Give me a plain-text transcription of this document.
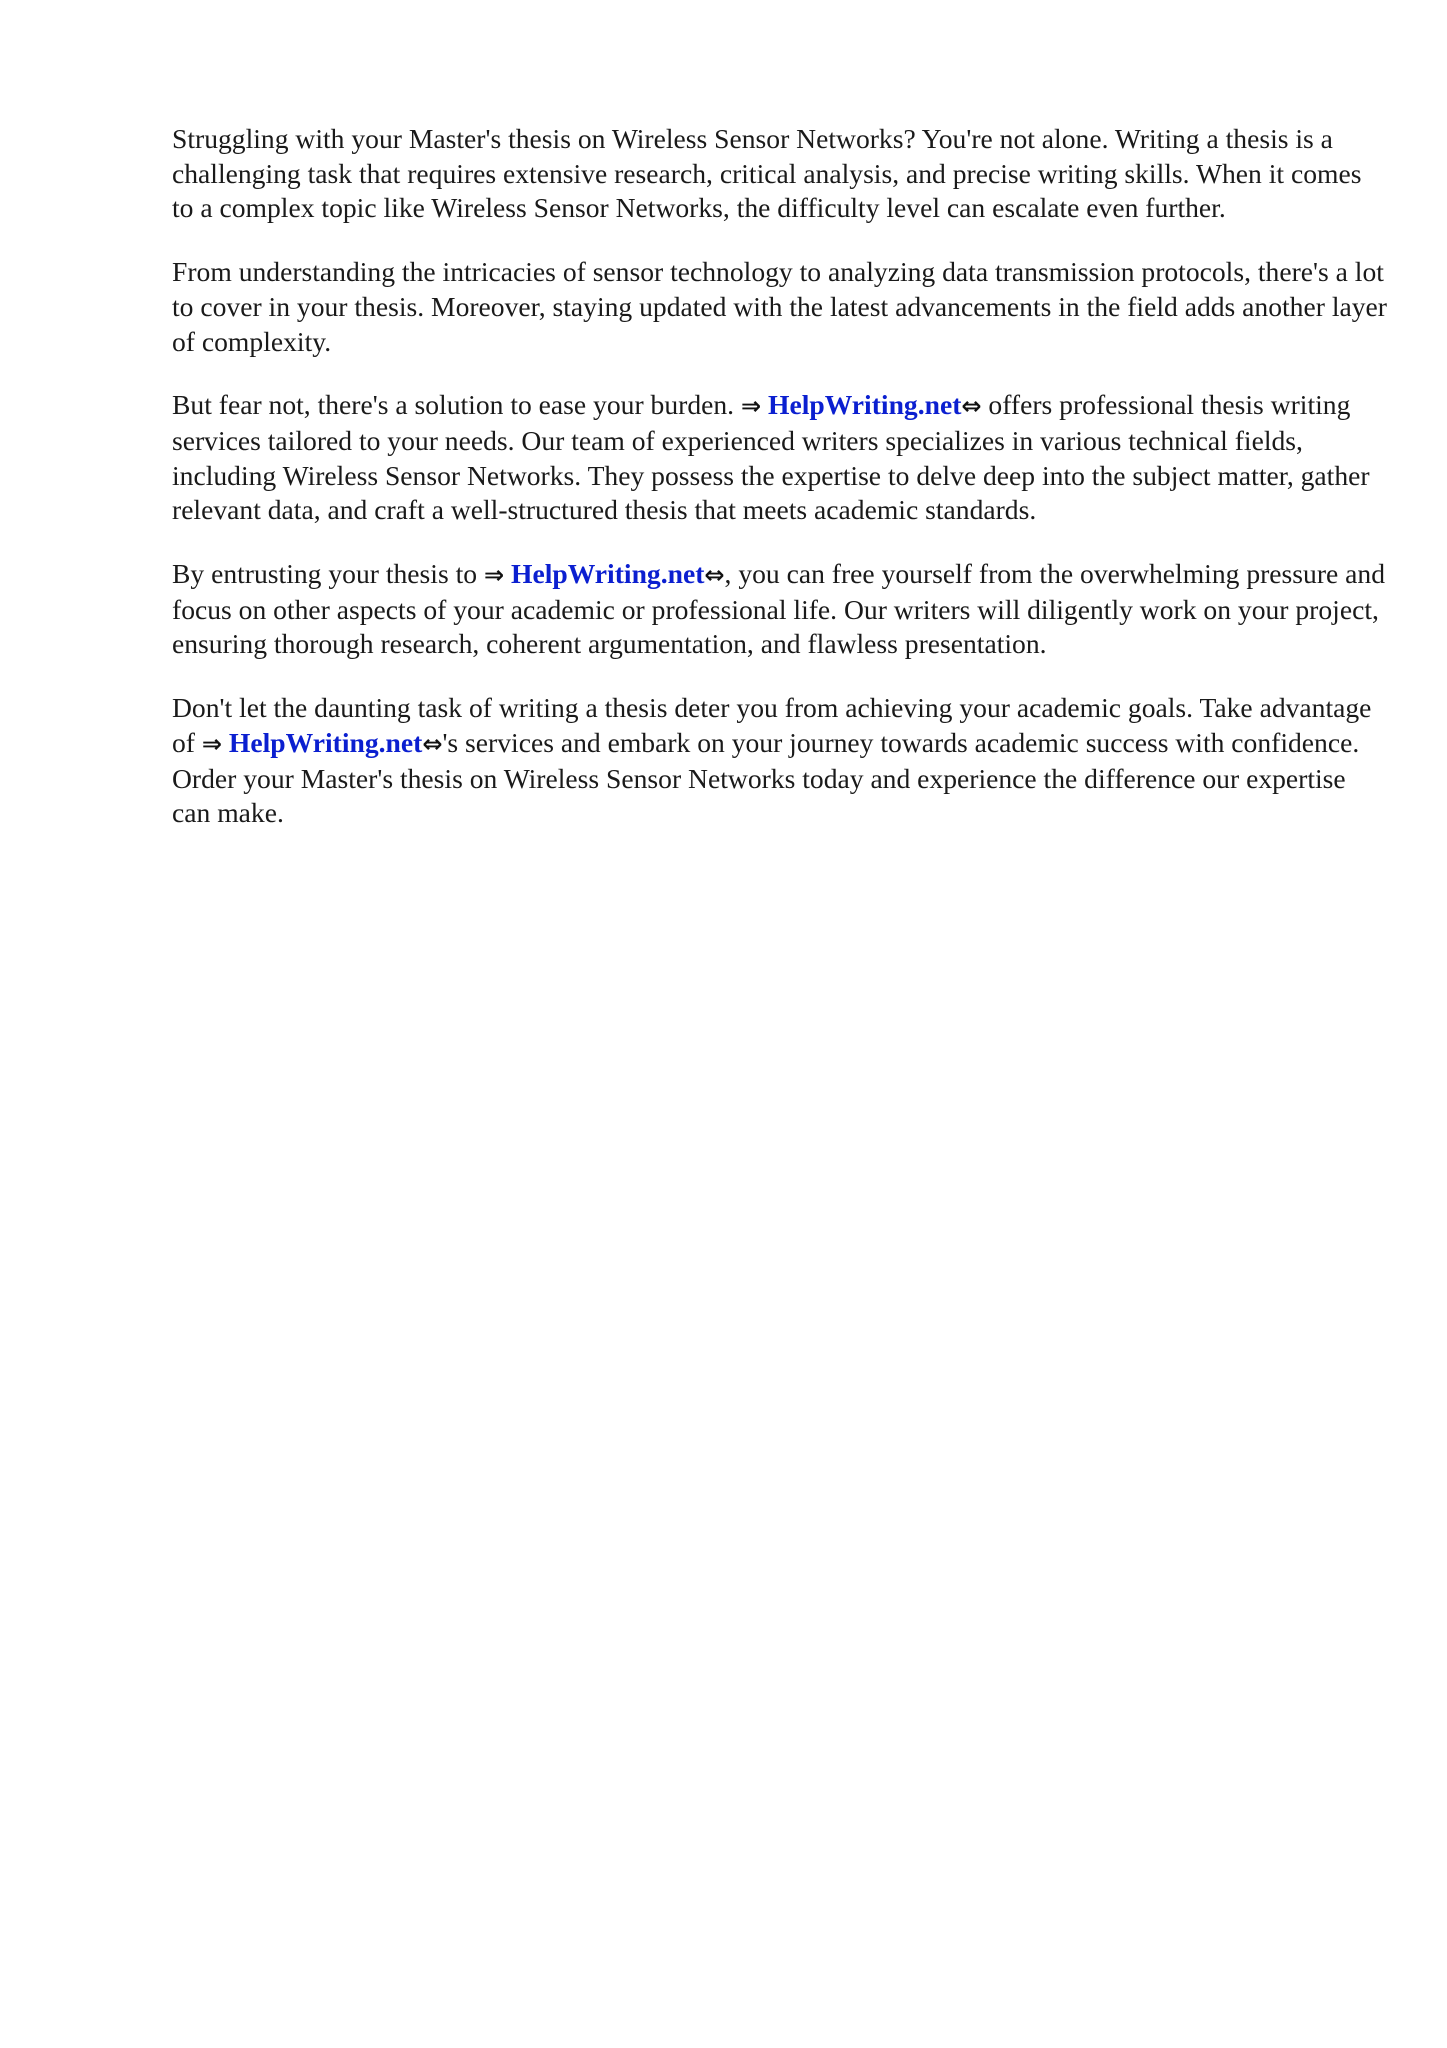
Struggling with your Master's thesis on Wireless Sensor Networks? You're not alone. Writing a thesis is a challenging task that requires extensive research, critical analysis, and precise writing skills. When it comes to a complex topic like Wireless Sensor Networks, the difficulty level can escalate even further.

From understanding the intricacies of sensor technology to analyzing data transmission protocols, there's a lot to cover in your thesis. Moreover, staying updated with the latest advancements in the field adds another layer of complexity.

But fear not, there's a solution to ease your burden. ⇒ HelpWriting.net⇔ offers professional thesis writing services tailored to your needs. Our team of experienced writers specializes in various technical fields, including Wireless Sensor Networks. They possess the expertise to delve deep into the subject matter, gather relevant data, and craft a well-structured thesis that meets academic standards.

By entrusting your thesis to ⇒ HelpWriting.net⇔, you can free yourself from the overwhelming pressure and focus on other aspects of your academic or professional life. Our writers will diligently work on your project, ensuring thorough research, coherent argumentation, and flawless presentation.

Don't let the daunting task of writing a thesis deter you from achieving your academic goals. Take advantage of ⇒ HelpWriting.net⇔'s services and embark on your journey towards academic success with confidence. Order your Master's thesis on Wireless Sensor Networks today and experience the difference our expertise can make.
